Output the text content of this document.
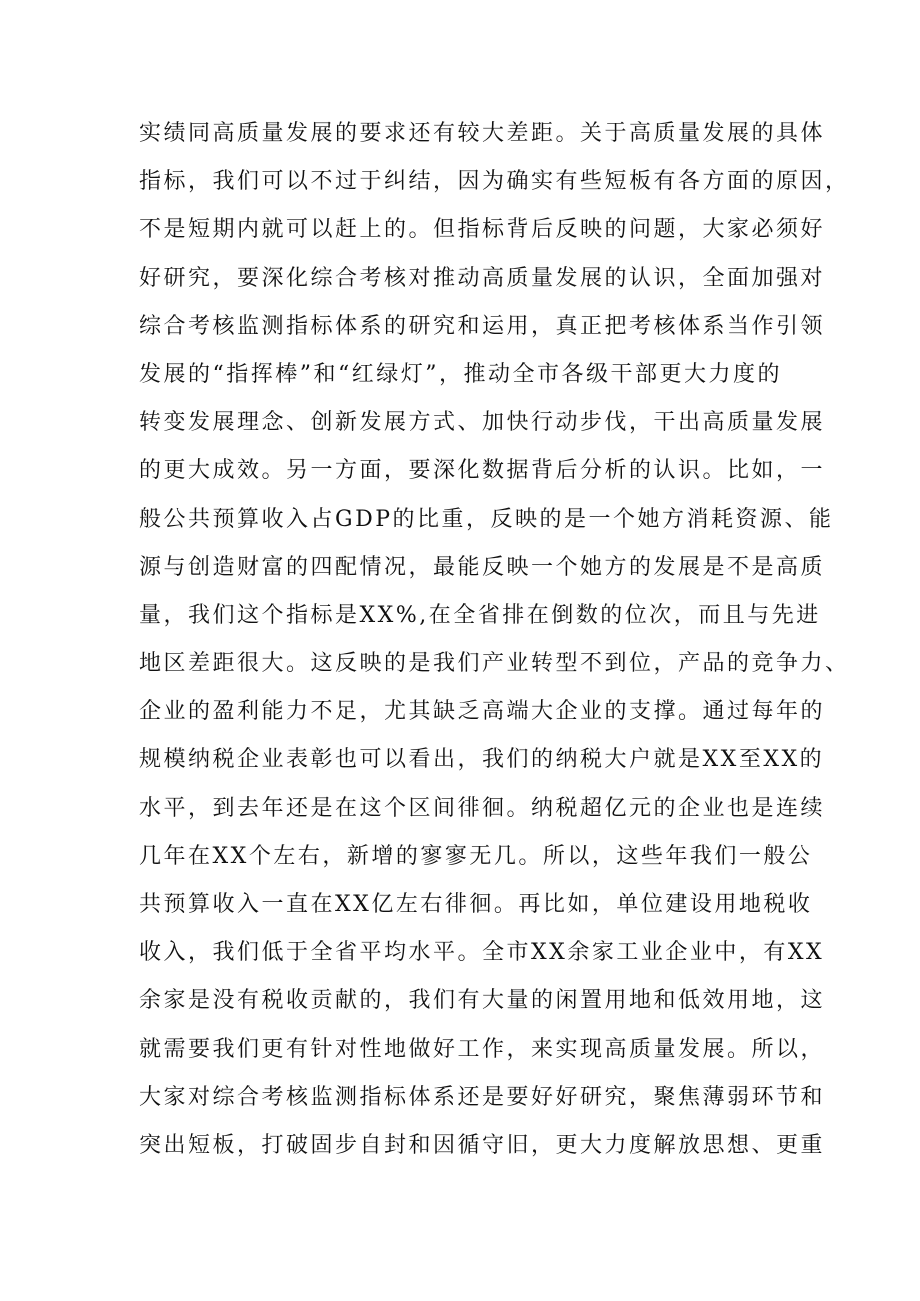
实绩同高质量发展的要求还有较大差距。关于高质量发展的具体
指标，我们可以不过于纠结，因为确实有些短板有各方面的原因，
不是短期内就可以赶上的。但指标背后反映的问题，大家必须好
好研究，要深化综合考核对推动高质量发展的认识，全面加强对
综合考核监测指标体系的研究和运用，真正把考核体系当作引领
发展的“指挥棒”和“红绿灯”，推动全市各级干部更大力度的
转变发展理念、创新发展方式、加快行动步伐，干出高质量发展
的更大成效。另一方面，要深化数据背后分析的认识。比如，一
般公共预算收入占GDP的比重，反映的是一个她方消耗资源、能
源与创造财富的四配情况，最能反映一个她方的发展是不是高质
量，我们这个指标是XX%,在全省排在倒数的位次，而且与先进
地区差距很大。这反映的是我们产业转型不到位，产品的竞争力、
企业的盈利能力不足，尤其缺乏高端大企业的支撑。通过每年的
规模纳税企业表彰也可以看出，我们的纳税大户就是XX至XX的
水平，到去年还是在这个区间徘徊。纳税超亿元的企业也是连续
几年在XX个左右，新增的寥寥无几。所以，这些年我们一般公
共预算收入一直在XX亿左右徘徊。再比如，单位建设用地税收
收入，我们低于全省平均水平。全市XX余家工业企业中，有XX
余家是没有税收贡献的，我们有大量的闲置用地和低效用地，这
就需要我们更有针对性地做好工作，来实现高质量发展。所以，
大家对综合考核监测指标体系还是要好好研究，聚焦薄弱环节和
突出短板，打破固步自封和因循守旧，更大力度解放思想、更重
